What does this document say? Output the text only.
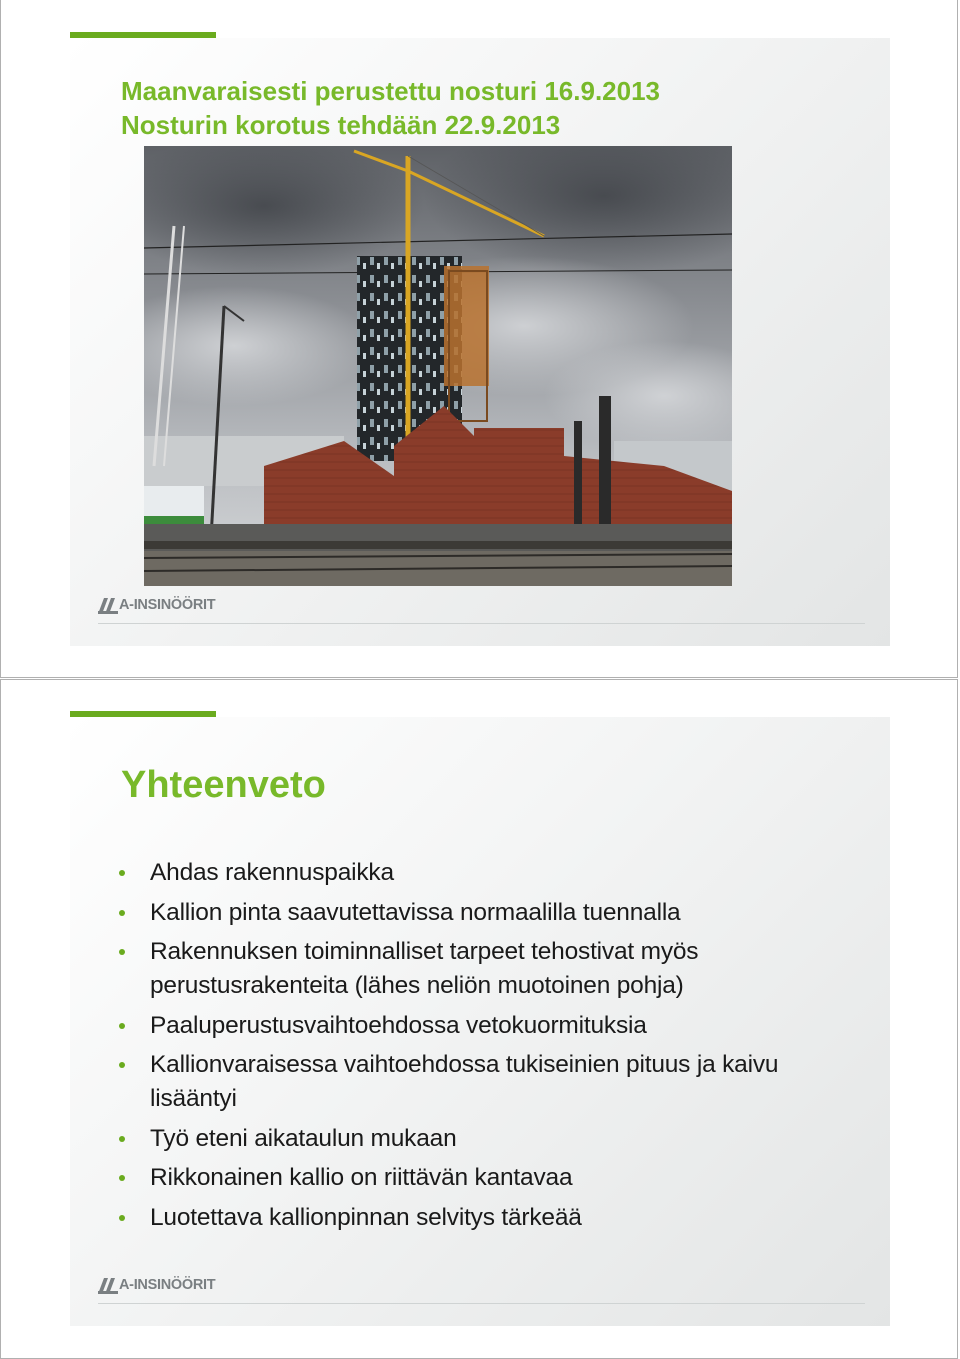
Maanvaraisesti perustettu nosturi 16.9.2013
Nosturin korotus tehdään 22.9.2013
A-INSINÖÖRIT
Yhteenveto
Ahdas rakennuspaikka
Kallion pinta saavutettavissa normaalilla tuennalla
Rakennuksen toiminnalliset tarpeet tehostivat myös perustusrakenteita (lähes neliön muotoinen pohja)
Paaluperustusvaihtoehdossa vetokuormituksia
Kallionvaraisessa vaihtoehdossa tukiseinien pituus ja kaivu lisääntyi
Työ eteni aikataulun mukaan
Rikkonainen kallio on riittävän kantavaa
Luotettava kallionpinnan selvitys tärkeää
A-INSINÖÖRIT
